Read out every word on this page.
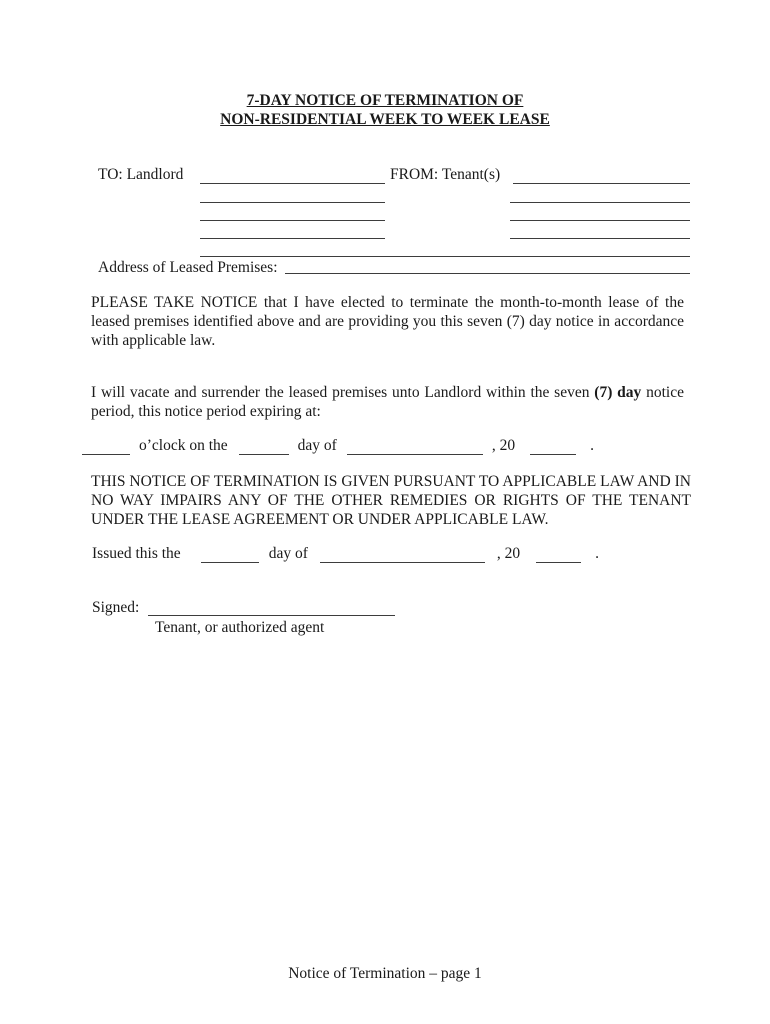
7-DAY NOTICE OF TERMINATION OF
NON-RESIDENTIAL WEEK TO WEEK LEASE
TO: Landlord	FROM: Tenant(s)
Address of Leased Premises:
PLEASE TAKE NOTICE that I have elected to terminate the month-to-month lease of the leased premises identified above and are providing you this seven (7) day notice in accordance with applicable law.
I will vacate and surrender the leased premises unto Landlord within the seven (7) day notice period, this notice period expiring at:
o’clock on the	day of	, 20	.
THIS NOTICE OF TERMINATION IS GIVEN PURSUANT TO APPLICABLE LAW AND IN NO WAY IMPAIRS ANY OF THE OTHER REMEDIES OR RIGHTS OF THE TENANT UNDER THE LEASE AGREEMENT OR UNDER APPLICABLE LAW.
Issued this the	day of	, 20	.
Signed:
Tenant, or authorized agent
Notice of Termination – page 1
